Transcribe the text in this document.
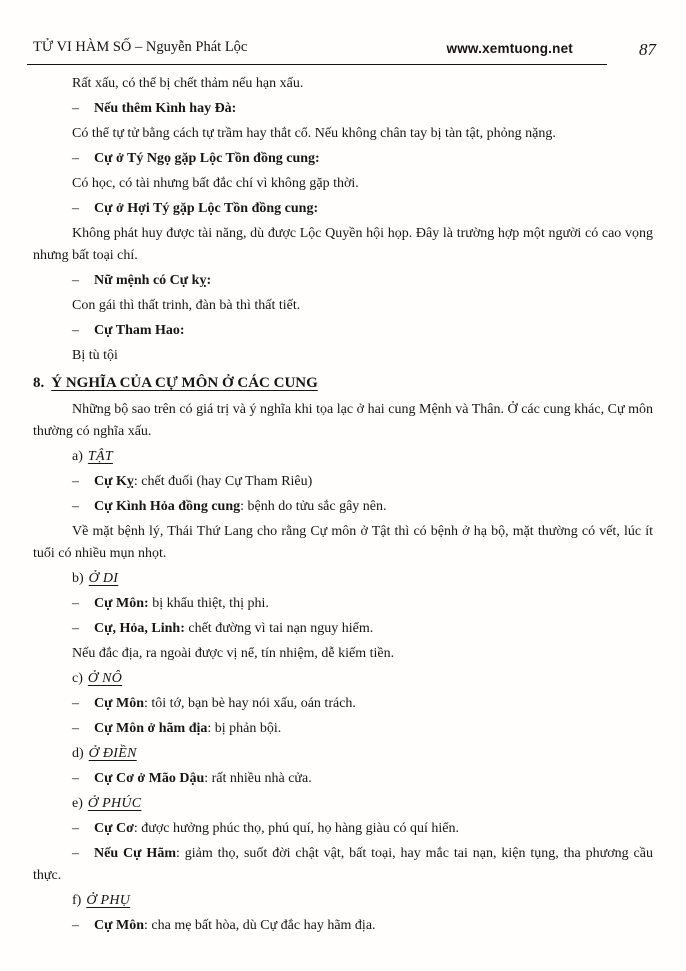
TỬ VI HÀM SỐ – Nguyễn Phát Lộc	www.xemtuong.net	87

Rất xấu, có thể bị chết thảm nếu hạn xấu.

– Nếu thêm Kình hay Đà:

Có thể tự tử bằng cách tự trầm hay thắt cổ. Nếu không chân tay bị tàn tật, phỏng nặng.

– Cự ở Tý Ngọ gặp Lộc Tồn đồng cung:

Có học, có tài nhưng bất đắc chí vì không gặp thời.

– Cự ở Hợi Tý gặp Lộc Tồn đồng cung:

Không phát huy được tài năng, dù được Lộc Quyền hội họp. Đây là trường hợp một người có cao vọng nhưng bất toại chí.

– Nữ mệnh có Cự kỵ:

Con gái thì thất trinh, đàn bà thì thất tiết.

– Cự Tham Hao:

Bị tù tội

8. Ý NGHĨA CỦA CỰ MÔN Ở CÁC CUNG

Những bộ sao trên có giá trị và ý nghĩa khi tọa lạc ở hai cung Mệnh và Thân. Ở các cung khác, Cự môn thường có nghĩa xấu.

a) TẬT

– Cự Kỵ: chết đuối (hay Cự Tham Riêu)

– Cự Kình Hỏa đồng cung: bệnh do tửu sắc gây nên.

Về mặt bệnh lý, Thái Thứ Lang cho rằng Cự môn ở Tật thì có bệnh ở hạ bộ, mặt thường có vết, lúc ít tuổi có nhiều mụn nhọt.

b) Ở DI

– Cự Môn: bị khẩu thiệt, thị phi.

– Cự, Hỏa, Linh: chết đường vì tai nạn nguy hiểm.

Nếu đắc địa, ra ngoài được vị nể, tín nhiệm, dễ kiếm tiền.

c) Ở NÔ

– Cự Môn: tôi tớ, bạn bè hay nói xấu, oán trách.

– Cự Môn ở hãm địa: bị phản bội.

d) Ở ĐIỀN

– Cự Cơ ở Mão Dậu: rất nhiều nhà cửa.

e) Ở PHÚC

– Cự Cơ: được hưởng phúc thọ, phú quí, họ hàng giàu có quí hiển.

– Nếu Cự Hãm: giảm thọ, suốt đời chật vật, bất toại, hay mắc tai nạn, kiện tụng, tha phương cầu thực.

f) Ở PHỤ

– Cự Môn: cha mẹ bất hòa, dù Cự đắc hay hãm địa.
